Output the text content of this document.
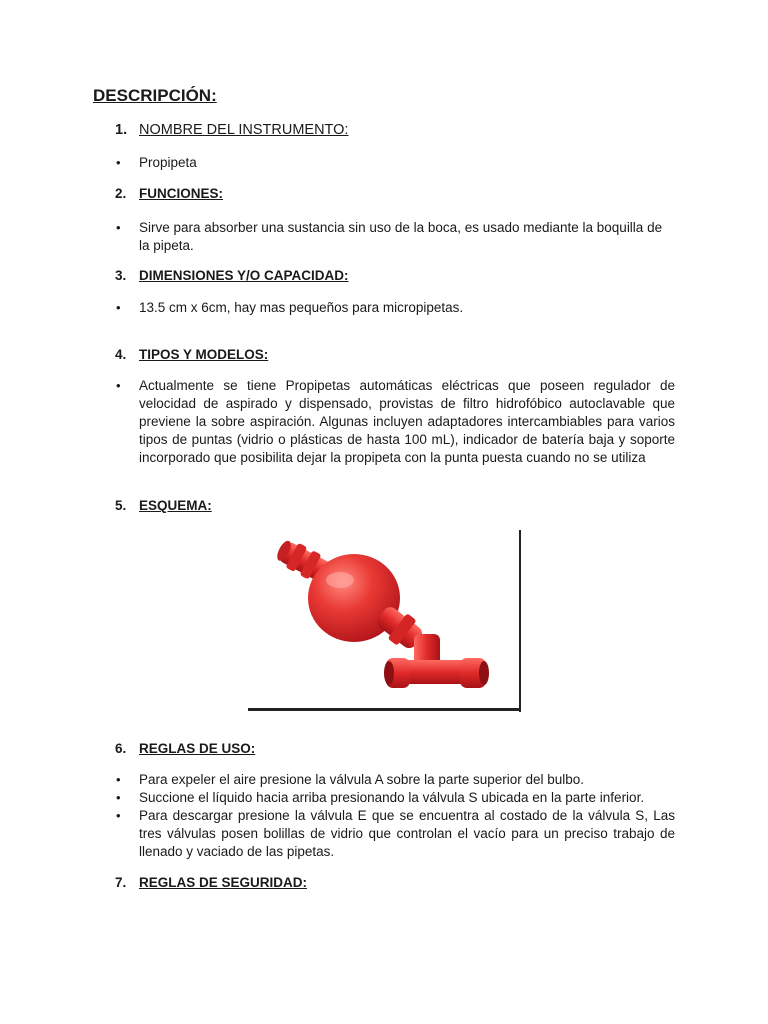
DESCRIPCIÓN:
1. NOMBRE DEL INSTRUMENTO:
• Propipeta
2. FUNCIONES:
• Sirve para absorber una sustancia sin uso de la boca, es usado mediante la boquilla de la pipeta.
3. DIMENSIONES Y/O CAPACIDAD:
• 13.5 cm x 6cm, hay mas pequeños para micropipetas.
4. TIPOS Y MODELOS:
• Actualmente se tiene Propipetas automáticas eléctricas que poseen regulador de velocidad de aspirado y dispensado, provistas de filtro hidrofóbico autoclavable que previene la sobre aspiración. Algunas incluyen adaptadores intercambiables para varios tipos de puntas (vidrio o plásticas de hasta 100 mL), indicador de batería baja y soporte incorporado que posibilita dejar la propipeta con la punta puesta cuando no se utiliza
5. ESQUEMA:
6. REGLAS DE USO:
• Para expeler el aire presione la válvula A sobre la parte superior del bulbo.
• Succione el líquido hacia arriba presionando la válvula S ubicada en la parte inferior.
• Para descargar presione la válvula E que se encuentra al costado de la válvula S, Las tres válvulas posen bolillas de vidrio que controlan el vacío para un preciso trabajo de llenado y vaciado de las pipetas.
7. REGLAS DE SEGURIDAD:
